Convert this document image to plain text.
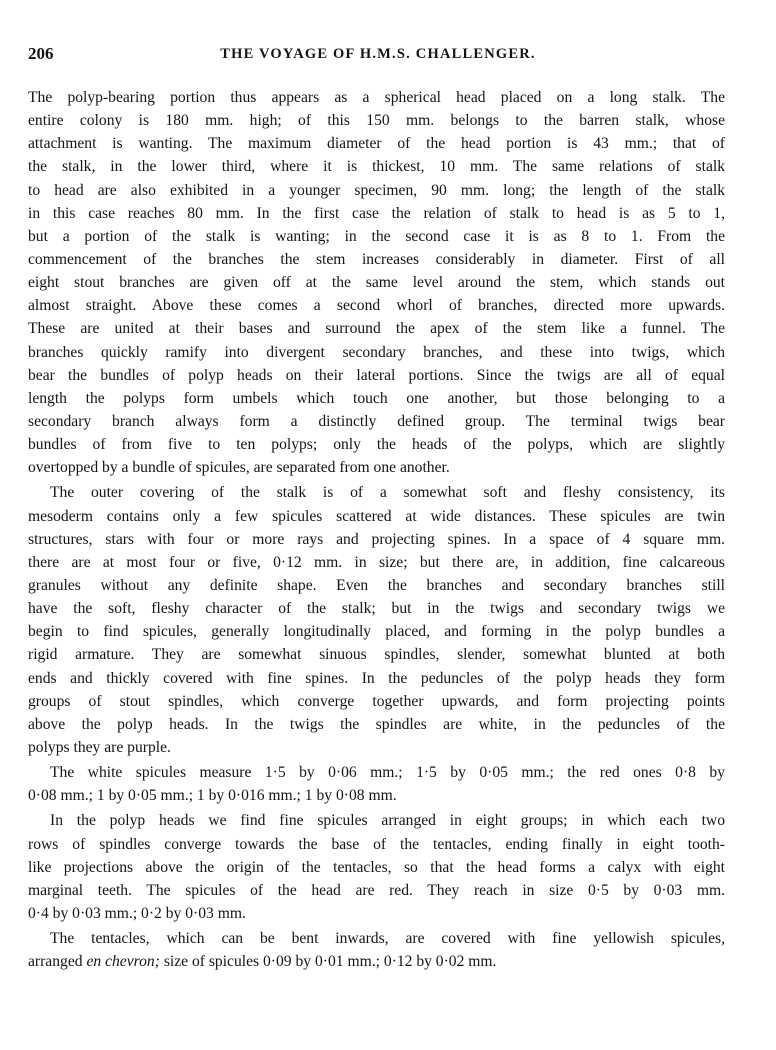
206	THE VOYAGE OF H.M.S. CHALLENGER.
The polyp-bearing portion thus appears as a spherical head placed on a long stalk. The
entire colony is 180 mm. high; of this 150 mm. belongs to the barren stalk, whose
attachment is wanting. The maximum diameter of the head portion is 43 mm.; that of
the stalk, in the lower third, where it is thickest, 10 mm. The same relations of stalk
to head are also exhibited in a younger specimen, 90 mm. long; the length of the stalk
in this case reaches 80 mm. In the first case the relation of stalk to head is as 5 to 1,
but a portion of the stalk is wanting; in the second case it is as 8 to 1. From the
commencement of the branches the stem increases considerably in diameter. First of all
eight stout branches are given off at the same level around the stem, which stands out
almost straight. Above these comes a second whorl of branches, directed more upwards.
These are united at their bases and surround the apex of the stem like a funnel. The
branches quickly ramify into divergent secondary branches, and these into twigs, which
bear the bundles of polyp heads on their lateral portions. Since the twigs are all of equal
length the polyps form umbels which touch one another, but those belonging to a
secondary branch always form a distinctly defined group. The terminal twigs bear
bundles of from five to ten polyps; only the heads of the polyps, which are slightly
overtopped by a bundle of spicules, are separated from one another.
The outer covering of the stalk is of a somewhat soft and fleshy consistency, its
mesoderm contains only a few spicules scattered at wide distances. These spicules are twin
structures, stars with four or more rays and projecting spines. In a space of 4 square mm.
there are at most four or five, 0·12 mm. in size; but there are, in addition, fine calcareous
granules without any definite shape. Even the branches and secondary branches still
have the soft, fleshy character of the stalk; but in the twigs and secondary twigs we
begin to find spicules, generally longitudinally placed, and forming in the polyp bundles a
rigid armature. They are somewhat sinuous spindles, slender, somewhat blunted at both
ends and thickly covered with fine spines. In the peduncles of the polyp heads they form
groups of stout spindles, which converge together upwards, and form projecting points
above the polyp heads. In the twigs the spindles are white, in the peduncles of the
polyps they are purple.
The white spicules measure 1·5 by 0·06 mm.; 1·5 by 0·05 mm.; the red ones 0·8 by
0·08 mm.; 1 by 0·05 mm.; 1 by 0·016 mm.; 1 by 0·08 mm.
In the polyp heads we find fine spicules arranged in eight groups; in which each two
rows of spindles converge towards the base of the tentacles, ending finally in eight tooth-
like projections above the origin of the tentacles, so that the head forms a calyx with eight
marginal teeth. The spicules of the head are red. They reach in size 0·5 by 0·03 mm.
0·4 by 0·03 mm.; 0·2 by 0·03 mm.
The tentacles, which can be bent inwards, are covered with fine yellowish spicules,
arranged en chevron; size of spicules 0·09 by 0·01 mm.; 0·12 by 0·02 mm.
